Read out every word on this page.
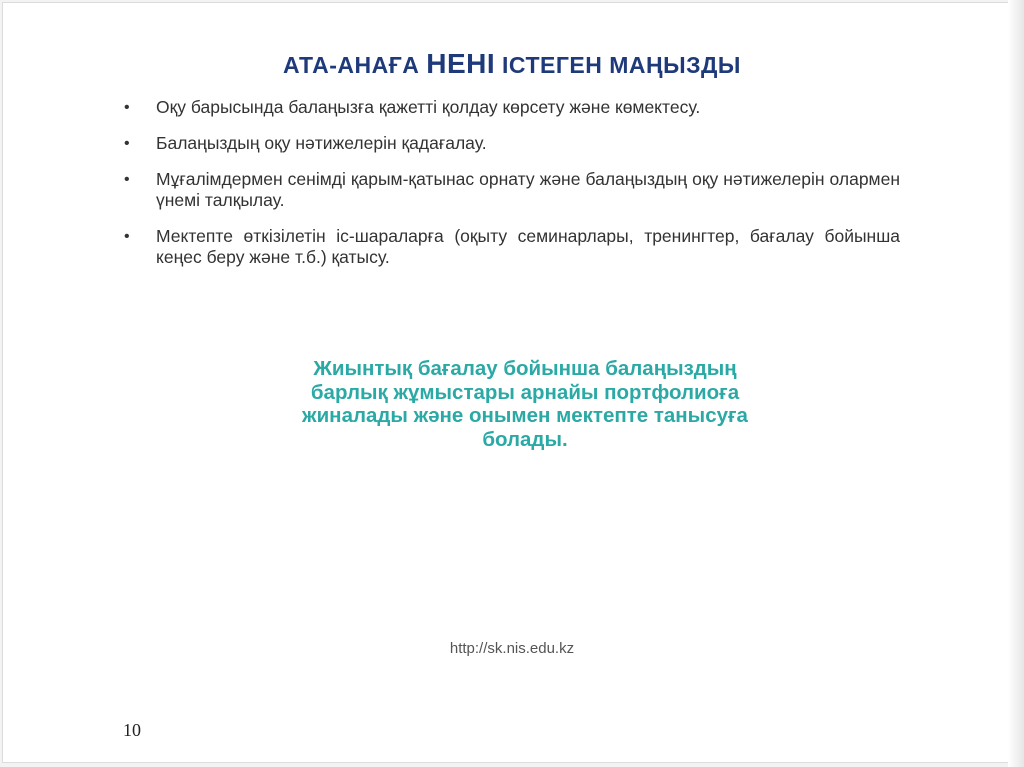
АТА-АНАҒА НЕНІ ІСТЕГЕН МАҢЫЗДЫ
• Оқу барысында балаңызға қажетті қолдау көрсету және көмектесу.
• Балаңыздың оқу нәтижелерін қадағалау.
• Мұғалімдермен сенімді қарым-қатынас орнату және балаңыздың оқу нәтижелерін олармен үнемі талқылау.
• Мектепте өткізілетін іс-шараларға (оқыту семинарлары, тренингтер, бағалау бойынша кеңес беру және т.б.) қатысу.
Жиынтық бағалау бойынша балаңыздың
барлық жұмыстары арнайы портфолиоға
жиналады және онымен мектепте танысуға
болады.
http://sk.nis.edu.kz
10
